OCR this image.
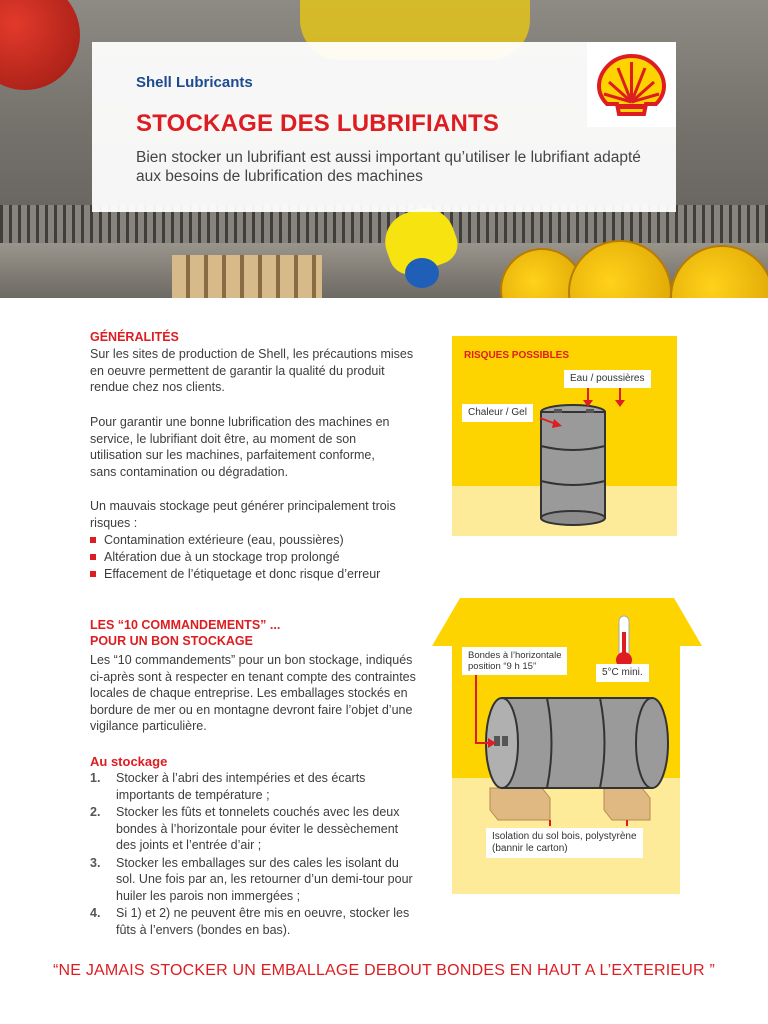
Shell Lubricants

STOCKAGE DES LUBRIFIANTS

Bien stocker un lubrifiant est aussi important qu’utiliser le lubrifiant adapté aux besoins de lubrification des machines

GÉNÉRALITÉS

Sur les sites de production de Shell, les précautions mises en oeuvre permettent de garantir la qualité du produit rendue chez nos clients.

Pour garantir une bonne lubrification des machines en service, le lubrifiant doit être, au moment de son utilisation sur les machines, parfaitement conforme, sans contamination ou dégradation.

Un mauvais stockage peut générer principalement trois risques :

Contamination extérieure (eau, poussières)
Altération due à un stockage trop prolongé
Effacement de l’étiquetage et donc risque d’erreur
RISQUES POSSIBLES
Eau / poussières
Chaleur / Gel
LES “10 COMMANDEMENTS” ...
POUR UN BON STOCKAGE

Les “10 commandements” pour un bon stockage, indiqués ci-après sont à respecter en tenant compte des contraintes locales de chaque entreprise. Les emballages stockés en bordure de mer ou en montagne devront faire l’objet d’une vigilance particulière.

Au stockage
1. Stocker à l’abri des intempéries et des écarts importants de température ;
2. Stocker les fûts et tonnelets couchés avec les deux bondes à l’horizontale pour éviter le dessèchement des joints et l’entrée d’air ;
3. Stocker les emballages sur des cales les isolant du sol. Une fois par an, les retourner d’un demi-tour pour huiler les parois non immergées ;
4. Si 1) et 2) ne peuvent être mis en oeuvre, stocker les fûts à l’envers (bondes en bas).
Bondes à l’horizontale
position “9 h 15”
5°C mini.
Isolation du sol bois, polystyrène
(bannir le carton)

“NE JAMAIS STOCKER UN EMBALLAGE DEBOUT BONDES EN HAUT A L’EXTERIEUR ”
